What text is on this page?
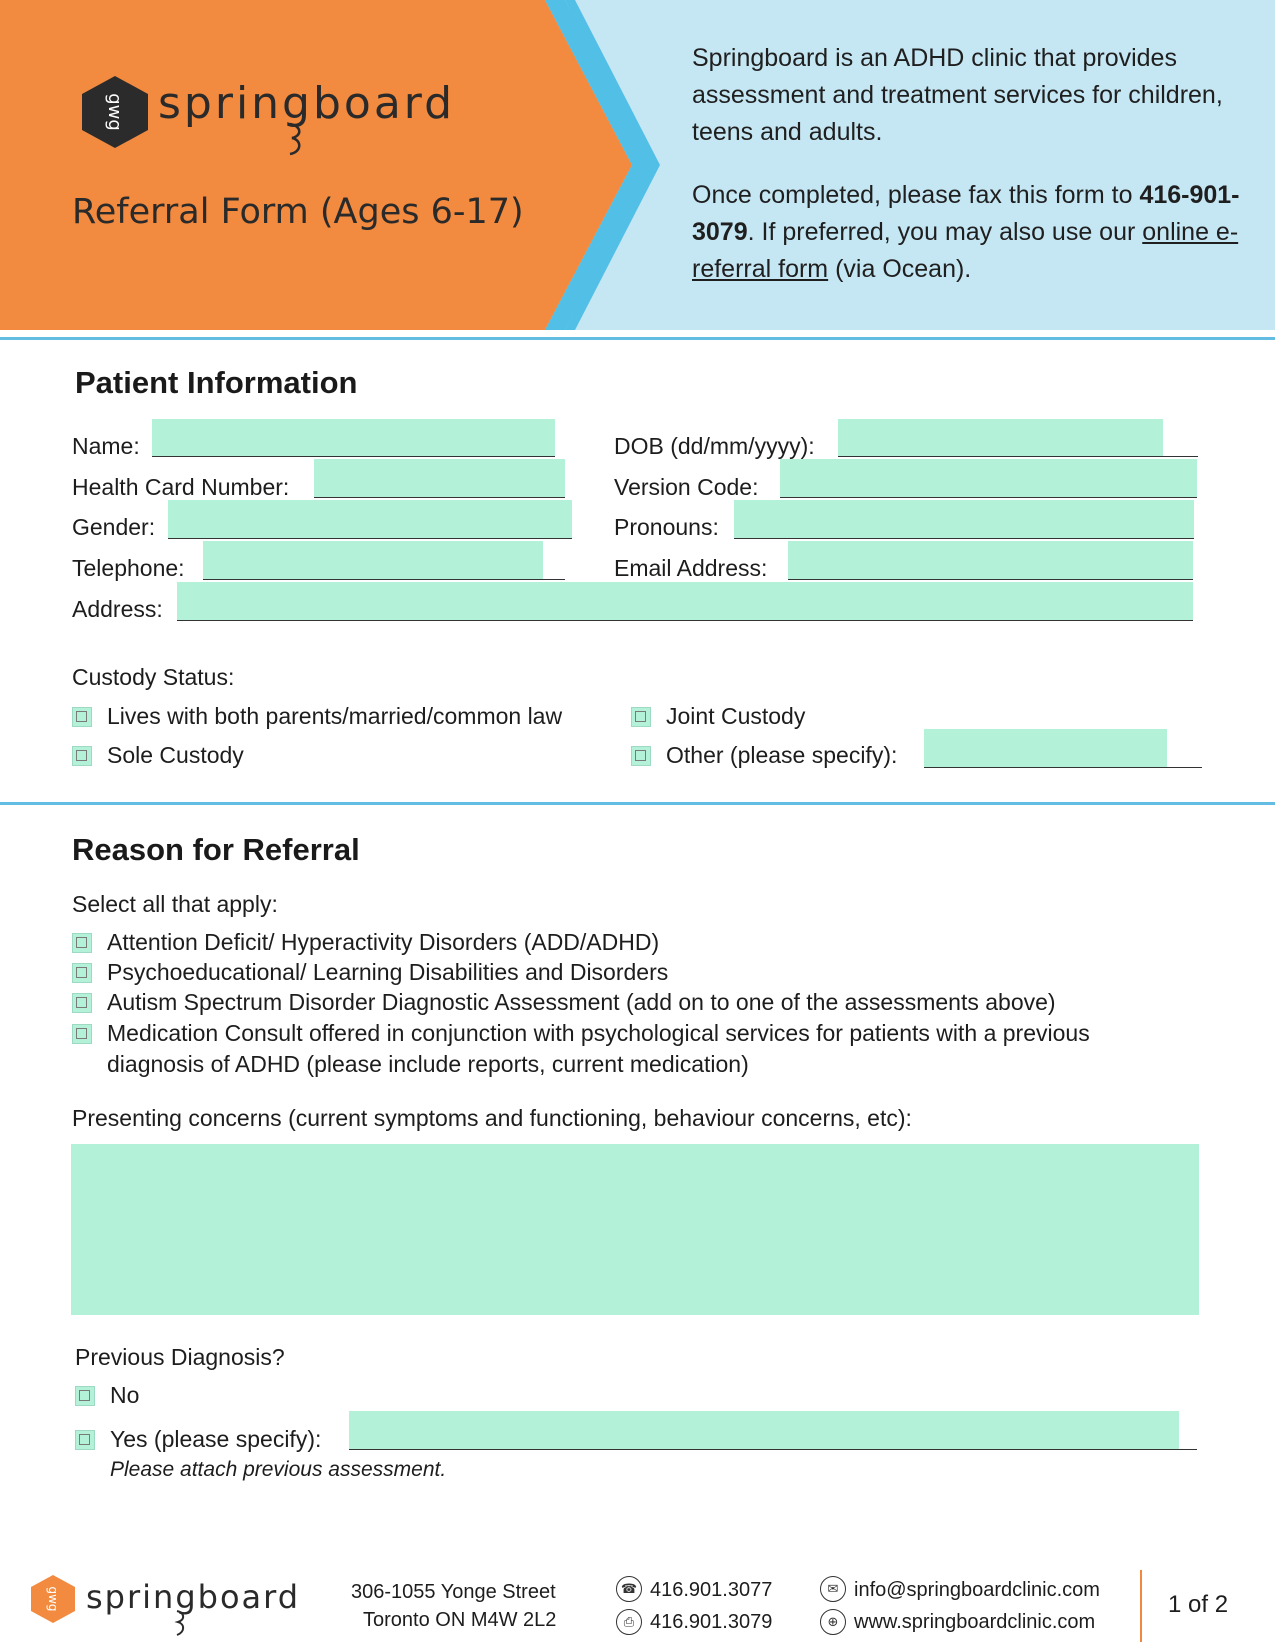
gwg springboard
Referral Form (Ages 6-17)
Springboard is an ADHD clinic that provides assessment and treatment services for children, teens and adults.
Once completed, please fax this form to 416-901-3079. If preferred, you may also use our online e-referral form (via Ocean).
Patient Information
Name:	DOB (dd/mm/yyyy):
Health Card Number:	Version Code:
Gender:	Pronouns:
Telephone:	Email Address:
Address:
Custody Status:
Lives with both parents/married/common law	Joint Custody
Sole Custody	Other (please specify):
Reason for Referral
Select all that apply:
Attention Deficit/ Hyperactivity Disorders (ADD/ADHD)
Psychoeducational/ Learning Disabilities and Disorders
Autism Spectrum Disorder Diagnostic Assessment (add on to one of the assessments above)
Medication Consult offered in conjunction with psychological services for patients with a previous
diagnosis of ADHD (please include reports, current medication)
Presenting concerns (current symptoms and functioning, behaviour concerns, etc):
Previous Diagnosis?
No
Yes (please specify):
Please attach previous assessment.
gwg springboard	306-1055 Yonge Street
Toronto ON M4W 2L2
☎ 416.901.3077
⎙ 416.901.3079
✉ info@springboardclinic.com
⊕ www.springboardclinic.com
1 of 2
